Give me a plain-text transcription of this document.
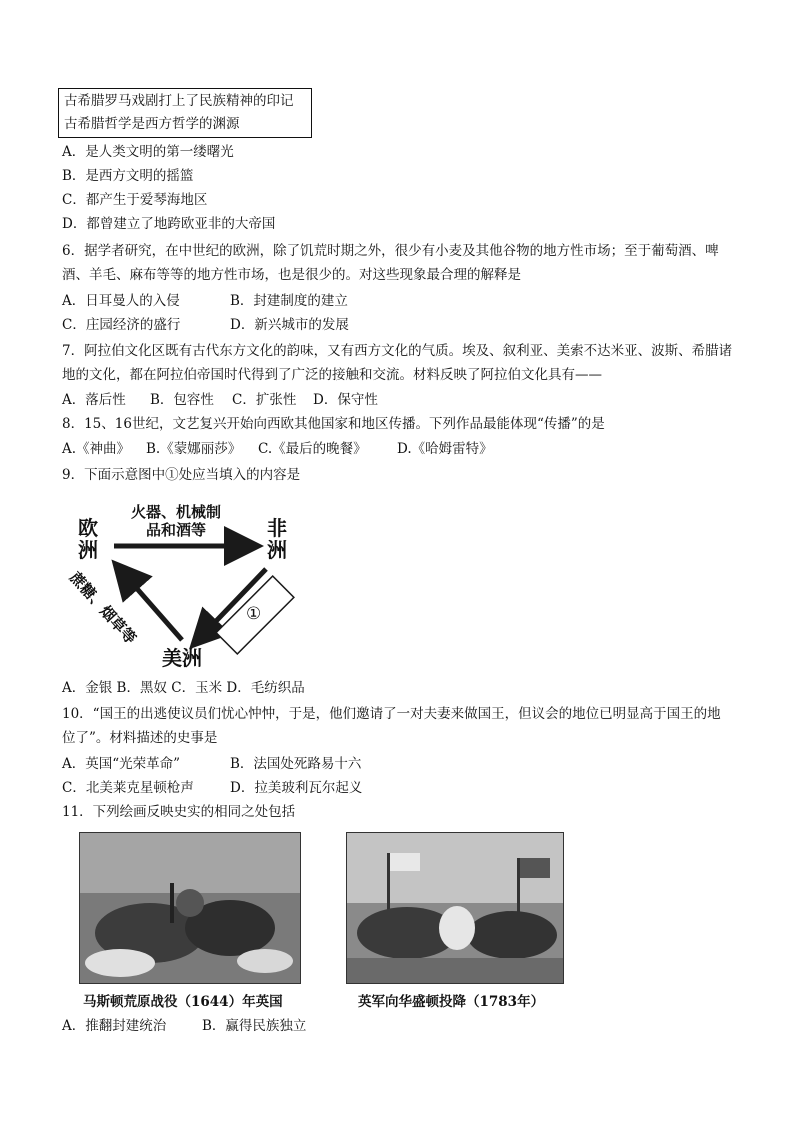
古希腊罗马戏剧打上了民族精神的印记
古希腊哲学是西方哲学的渊源
A．是人类文明的第一缕曙光
B．是西方文明的摇篮
C．都产生于爱琴海地区
D．都曾建立了地跨欧亚非的大帝国
6．据学者研究，在中世纪的欧洲，除了饥荒时期之外，很少有小麦及其他谷物的地方性市场；至于葡萄酒、啤酒、羊毛、麻布等等的地方性市场，也是很少的。对这些现象最合理的解释是
A．日耳曼人的入侵	B．封建制度的建立
C．庄园经济的盛行	D．新兴城市的发展
7．阿拉伯文化区既有古代东方文化的韵味，又有西方文化的气质。埃及、叙利亚、美索不达米亚、波斯、希腊诸地的文化，都在阿拉伯帝国时代得到了广泛的接触和交流。材料反映了阿拉伯文化具有——
A．落后性 B．包容性 C．扩张性 D．保守性
8．15、16世纪，文艺复兴开始向西欧其他国家和地区传播。下列作品最能体现“传播”的是
A.《神曲》 B.《蒙娜丽莎》 C.《最后的晚餐》 D.《哈姆雷特》
9．下面示意图中①处应当填入的内容是
欧洲
非洲
美洲
火器、机械制品和酒等
蔗糖、烟草等	①
A．金银 B．黑奴 C．玉米 D．毛纺织品
10．“国王的出逃使议员们忧心忡忡，于是，他们邀请了一对夫妻来做国王，但议会的地位已明显高于国王的地位了”。材料描述的史事是
A．英国“光荣革命”	B．法国处死路易十六
C．北美莱克星顿枪声	D．拉美玻利瓦尔起义
11．下列绘画反映史实的相同之处包括
马斯顿荒原战役（1644）年英国	英军向华盛顿投降（1783年）
A．推翻封建统治	B．赢得民族独立
